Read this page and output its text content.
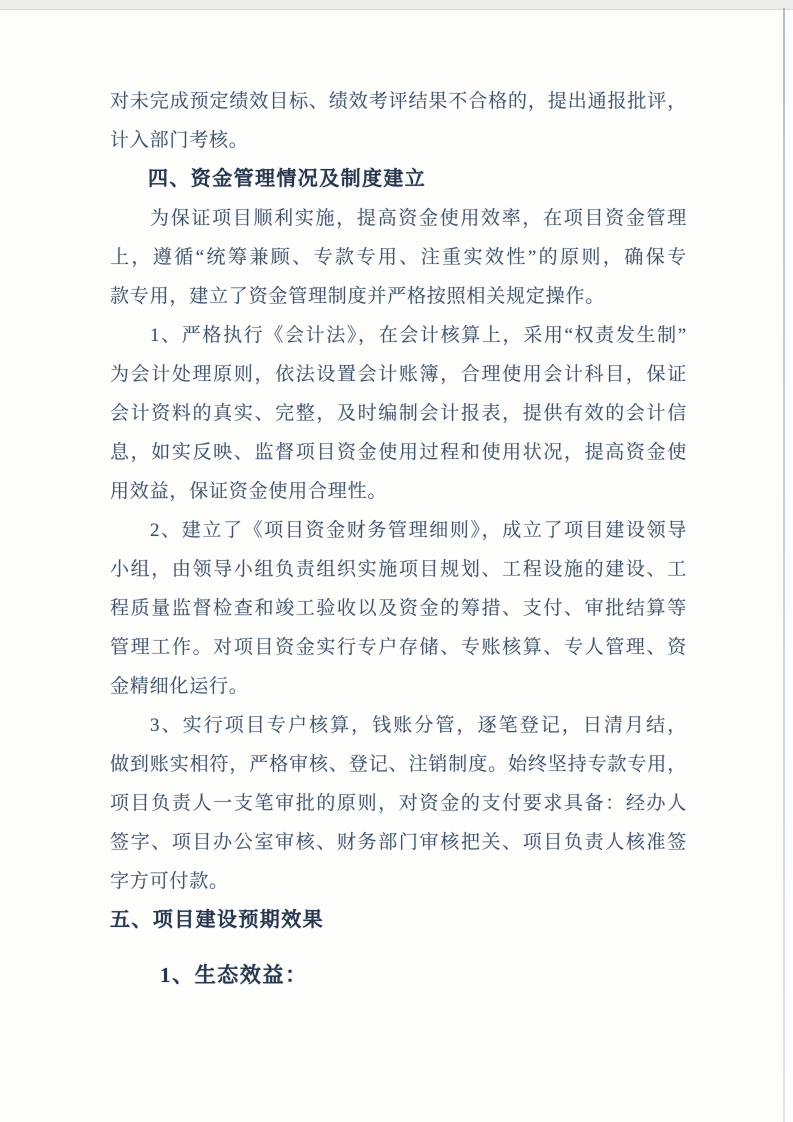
对未完成预定绩效目标、绩效考评结果不合格的，提出通报批评，
计入部门考核。
四、资金管理情况及制度建立
为保证项目顺利实施，提高资金使用效率，在项目资金管理
上，遵循“统筹兼顾、专款专用、注重实效性”的原则，确保专
款专用，建立了资金管理制度并严格按照相关规定操作。
1、严格执行《会计法》，在会计核算上，采用“权责发生制”
为会计处理原则，依法设置会计账簿，合理使用会计科目，保证
会计资料的真实、完整，及时编制会计报表，提供有效的会计信
息，如实反映、监督项目资金使用过程和使用状况，提高资金使
用效益，保证资金使用合理性。
2、建立了《项目资金财务管理细则》，成立了项目建设领导
小组，由领导小组负责组织实施项目规划、工程设施的建设、工
程质量监督检查和竣工验收以及资金的筹措、支付、审批结算等
管理工作。对项目资金实行专户存储、专账核算、专人管理、资
金精细化运行。
3、实行项目专户核算，钱账分管，逐笔登记，日清月结，
做到账实相符，严格审核、登记、注销制度。始终坚持专款专用，
项目负责人一支笔审批的原则，对资金的支付要求具备：经办人
签字、项目办公室审核、财务部门审核把关、项目负责人核准签
字方可付款。
五、项目建设预期效果
1、生态效益：
